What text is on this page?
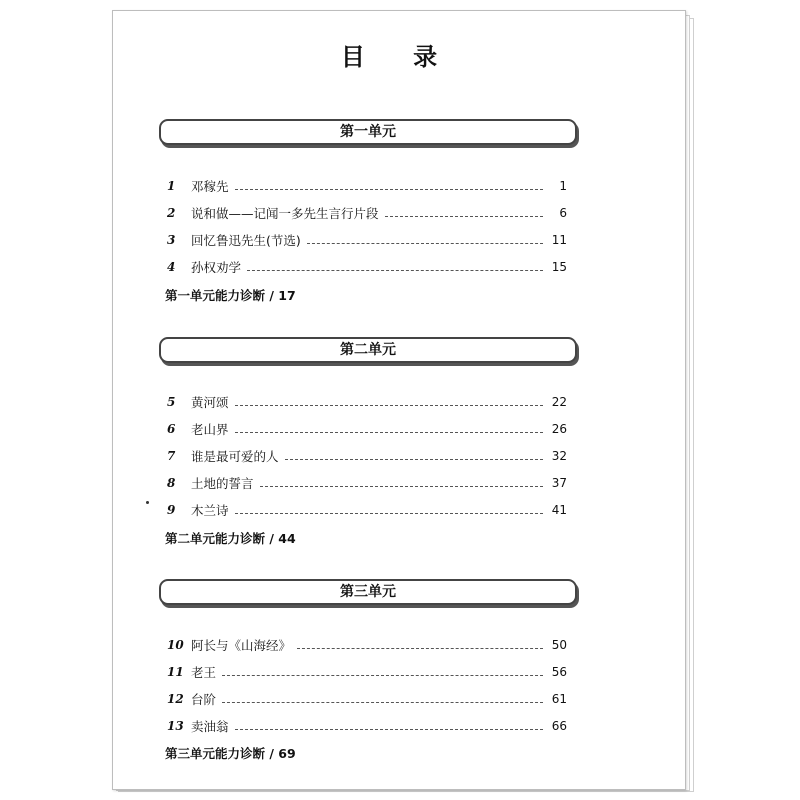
目 录
第一单元
1	邓稼先	1
2	说和做——记闻一多先生言行片段	6
3	回忆鲁迅先生(节选)	11
4	孙权劝学	15
第一单元能力诊断 / 17
第二单元
5	黄河颂	22
6	老山界	26
7	谁是最可爱的人	32
8	土地的誓言	37
9	木兰诗	41
第二单元能力诊断 / 44
第三单元
10 阿长与《山海经》	50
11 老王	56
12 台阶	61
13 卖油翁	66
第三单元能力诊断 / 69
